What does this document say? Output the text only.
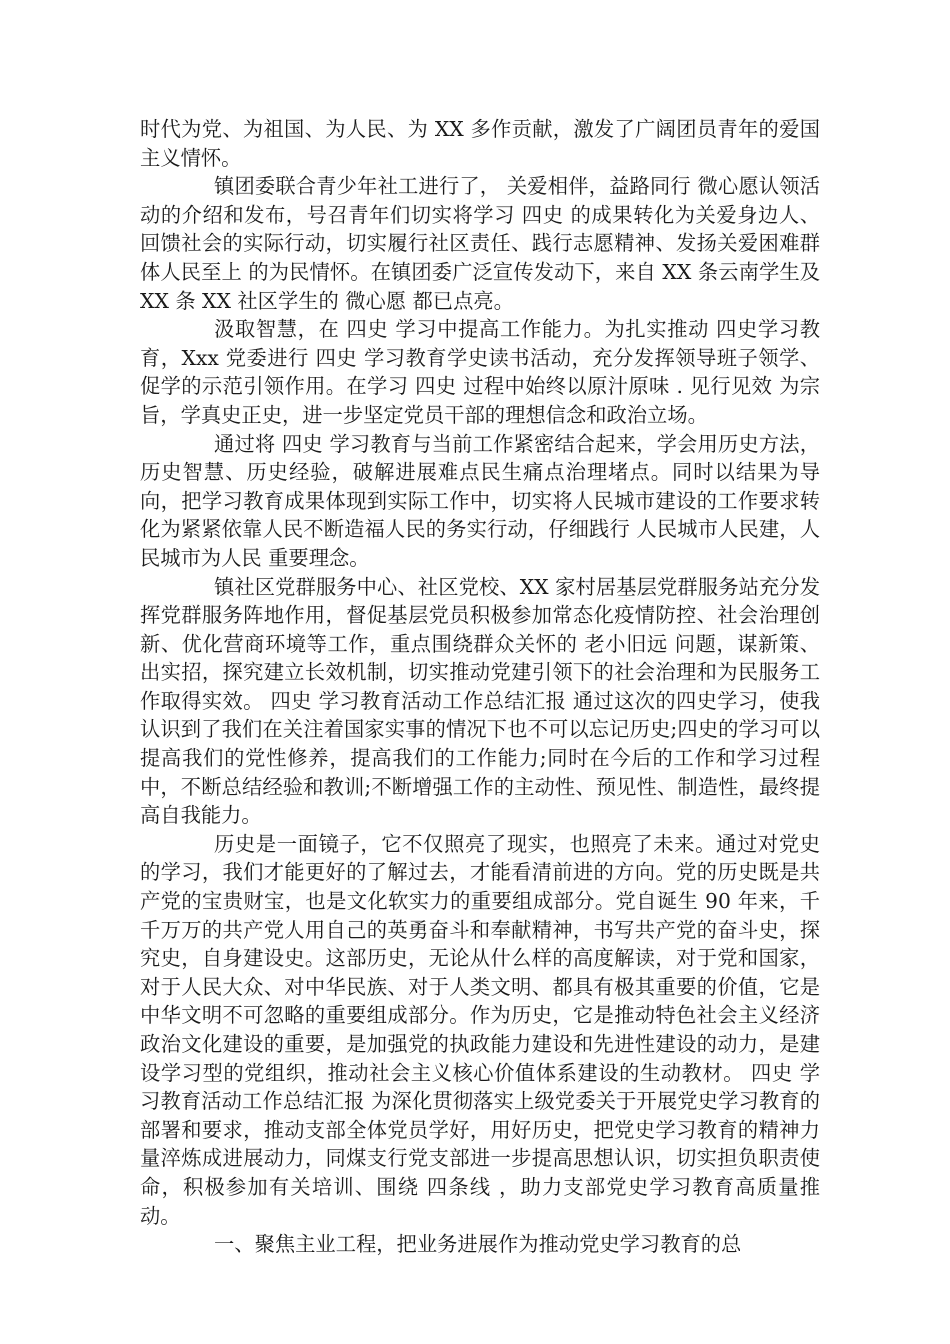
时代为党、为祖国、为人民、为 XX 多作贡献，激发了广阔团员青年的爱国主义情怀。

镇团委联合青少年社工进行了， 关爱相伴，益路同行 微心愿认领活动的介绍和发布，号召青年们切实将学习 四史 的成果转化为关爱身边人、回馈社会的实际行动，切实履行社区责任、践行志愿精神、发扬关爱困难群体人民至上 的为民情怀。在镇团委广泛宣传发动下，来自 XX 条云南学生及 XX 条 XX 社区学生的 微心愿 都已点亮。

汲取智慧，在 四史 学习中提高工作能力。为扎实推动 四史学习教育，Xxx 党委进行 四史 学习教育学史读书活动，充分发挥领导班子领学、促学的示范引领作用。在学习 四史 过程中始终以原汁原味 . 见行见效 为宗旨，学真史正史，进一步坚定党员干部的理想信念和政治立场。

通过将 四史 学习教育与当前工作紧密结合起来，学会用历史方法，历史智慧、历史经验，破解进展难点民生痛点治理堵点。同时以结果为导向，把学习教育成果体现到实际工作中，切实将人民城市建设的工作要求转化为紧紧依靠人民不断造福人民的务实行动，仔细践行 人民城市人民建，人民城市为人民 重要理念。

镇社区党群服务中心、社区党校、XX 家村居基层党群服务站充分发挥党群服务阵地作用，督促基层党员积极参加常态化疫情防控、社会治理创新、优化营商环境等工作，重点围绕群众关怀的 老小旧远 问题，谋新策、出实招，探究建立长效机制，切实推动党建引领下的社会治理和为民服务工作取得实效。 四史 学习教育活动工作总结汇报 通过这次的四史学习，使我认识到了我们在关注着国家实事的情况下也不可以忘记历史;四史的学习可以提高我们的党性修养，提高我们的工作能力;同时在今后的工作和学习过程中，不断总结经验和教训;不断增强工作的主动性、预见性、制造性，最终提高自我能力。

历史是一面镜子，它不仅照亮了现实，也照亮了未来。通过对党史的学习，我们才能更好的了解过去，才能看清前进的方向。党的历史既是共产党的宝贵财宝，也是文化软实力的重要组成部分。党自诞生 90 年来，千千万万的共产党人用自己的英勇奋斗和奉献精神，书写共产党的奋斗史，探究史，自身建设史。这部历史，无论从什么样的高度解读，对于党和国家，对于人民大众、对中华民族、对于人类文明、都具有极其重要的价值，它是中华文明不可忽略的重要组成部分。作为历史，它是推动特色社会主义经济政治文化建设的重要，是加强党的执政能力建设和先进性建设的动力，是建设学习型的党组织，推动社会主义核心价值体系建设的生动教材。 四史 学习教育活动工作总结汇报 为深化贯彻落实上级党委关于开展党史学习教育的部署和要求，推动支部全体党员学好，用好历史，把党史学习教育的精神力量淬炼成进展动力，同煤支行党支部进一步提高思想认识，切实担负职责使命，积极参加有关培训、围绕 四条线 ，助力支部党史学习教育高质量推动。

一、聚焦主业工程，把业务进展作为推动党史学习教育的总
